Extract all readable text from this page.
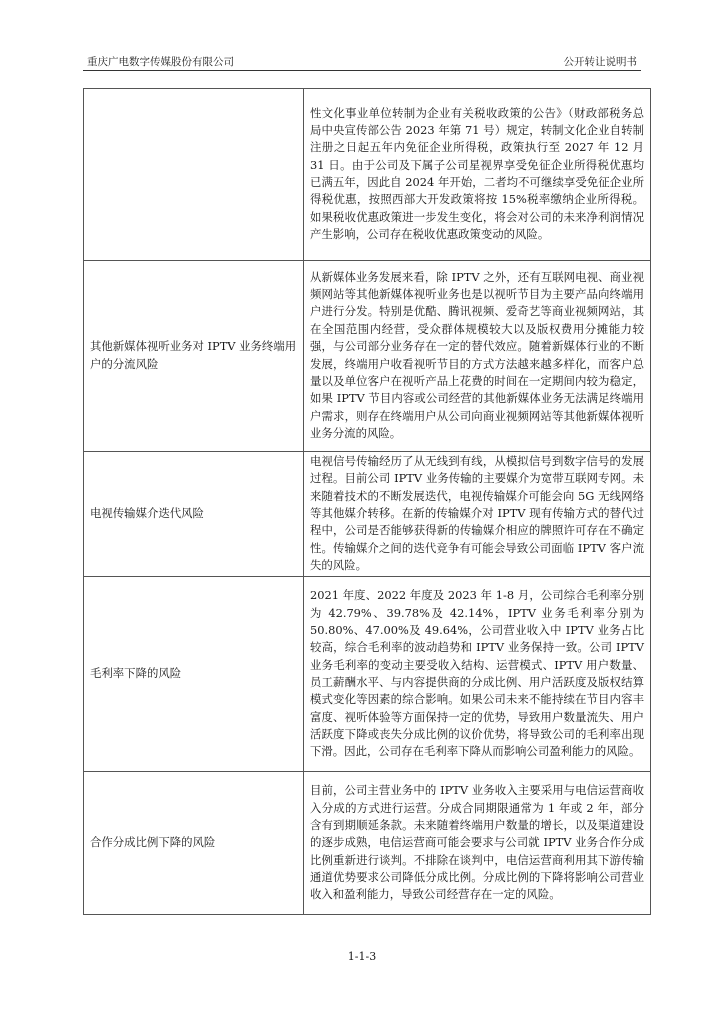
重庆广电数字传媒股份有限公司	公开转让说明书
	性文化事业单位转制为企业有关税收政策的公告》（财政部税务总局中央宣传部公告 2023 年第 71 号）规定，转制文化企业自转制注册之日起五年内免征企业所得税，政策执行至 2027 年 12 月 31 日。由于公司及下属子公司星视界享受免征企业所得税优惠均已满五年，因此自 2024 年开始，二者均不可继续享受免征企业所得税优惠，按照西部大开发政策将按 15%税率缴纳企业所得税。如果税收优惠政策进一步发生变化，将会对公司的未来净利润情况产生影响，公司存在税收优惠政策变动的风险。
其他新媒体视听业务对 IPTV 业务终端用户的分流风险	从新媒体业务发展来看，除 IPTV 之外，还有互联网电视、商业视频网站等其他新媒体视听业务也是以视听节目为主要产品向终端用户进行分发。特别是优酷、腾讯视频、爱奇艺等商业视频网站，其在全国范围内经营，受众群体规模较大以及版权费用分摊能力较强，与公司部分业务存在一定的替代效应。随着新媒体行业的不断发展，终端用户收看视听节目的方式方法越来越多样化，而客户总量以及单位客户在视听产品上花费的时间在一定期间内较为稳定，如果 IPTV 节目内容或公司经营的其他新媒体业务无法满足终端用户需求，则存在终端用户从公司向商业视频网站等其他新媒体视听业务分流的风险。
电视传输媒介迭代风险	电视信号传输经历了从无线到有线，从模拟信号到数字信号的发展过程。目前公司 IPTV 业务传输的主要媒介为宽带互联网专网。未来随着技术的不断发展迭代，电视传输媒介可能会向 5G 无线网络等其他媒介转移。在新的传输媒介对 IPTV 现有传输方式的替代过程中，公司是否能够获得新的传输媒介相应的牌照许可存在不确定性。传输媒介之间的迭代竞争有可能会导致公司面临 IPTV 客户流失的风险。
毛利率下降的风险	2021 年度、2022 年度及 2023 年 1-8 月，公司综合毛利率分别为 42.79%、39.78%及 42.14%，IPTV 业务毛利率分别为 50.80%、47.00%及 49.64%，公司营业收入中 IPTV 业务占比较高，综合毛利率的波动趋势和 IPTV 业务保持一致。公司 IPTV 业务毛利率的变动主要受收入结构、运营模式、IPTV 用户数量、员工薪酬水平、与内容提供商的分成比例、用户活跃度及版权结算模式变化等因素的综合影响。如果公司未来不能持续在节目内容丰富度、视听体验等方面保持一定的优势，导致用户数量流失、用户活跃度下降或丧失分成比例的议价优势，将导致公司的毛利率出现下滑。因此，公司存在毛利率下降从而影响公司盈利能力的风险。
合作分成比例下降的风险	目前，公司主营业务中的 IPTV 业务收入主要采用与电信运营商收入分成的方式进行运营。分成合同期限通常为 1 年或 2 年，部分含有到期顺延条款。未来随着终端用户数量的增长，以及渠道建设的逐步成熟，电信运营商可能会要求与公司就 IPTV 业务合作分成比例重新进行谈判。不排除在谈判中，电信运营商利用其下游传输通道优势要求公司降低分成比例。分成比例的下降将影响公司营业收入和盈利能力，导致公司经营存在一定的风险。
1-1-3
